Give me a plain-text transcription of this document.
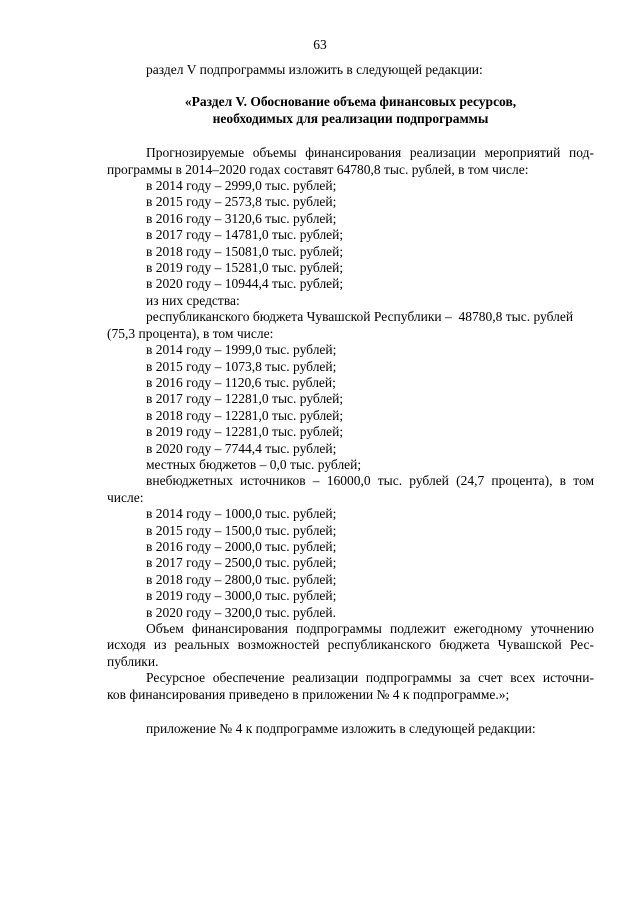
63
раздел V подпрограммы изложить в следующей редакции:
«Раздел V. Обоснование объема финансовых ресурсов,
необходимых для реализации подпрограммы
Прогнозируемые объемы финансирования реализации мероприятий под-
программы в 2014–2020 годах составят 64780,8 тыс. рублей, в том числе:
в 2014 году – 2999,0 тыс. рублей;
в 2015 году – 2573,8 тыс. рублей;
в 2016 году – 3120,6 тыс. рублей;
в 2017 году – 14781,0 тыс. рублей;
в 2018 году – 15081,0 тыс. рублей;
в 2019 году – 15281,0 тыс. рублей;
в 2020 году – 10944,4 тыс. рублей;
из них средства:
республиканского бюджета Чувашской Республики –  48780,8 тыс. рублей
(75,3 процента), в том числе:
в 2014 году – 1999,0 тыс. рублей;
в 2015 году – 1073,8 тыс. рублей;
в 2016 году – 1120,6 тыс. рублей;
в 2017 году – 12281,0 тыс. рублей;
в 2018 году – 12281,0 тыс. рублей;
в 2019 году – 12281,0 тыс. рублей;
в 2020 году – 7744,4 тыс. рублей;
местных бюджетов – 0,0 тыс. рублей;
внебюджетных источников – 16000,0 тыс. рублей (24,7 процента), в том
числе:
в 2014 году – 1000,0 тыс. рублей;
в 2015 году – 1500,0 тыс. рублей;
в 2016 году – 2000,0 тыс. рублей;
в 2017 году – 2500,0 тыс. рублей;
в 2018 году – 2800,0 тыс. рублей;
в 2019 году – 3000,0 тыс. рублей;
в 2020 году – 3200,0 тыс. рублей.
Объем финансирования подпрограммы подлежит ежегодному уточнению
исходя из реальных возможностей республиканского бюджета Чувашской Рес-
публики.
Ресурсное обеспечение реализации подпрограммы за счет всех источни-
ков финансирования приведено в приложении № 4 к подпрограмме.»;
приложение № 4 к подпрограмме изложить в следующей редакции:
